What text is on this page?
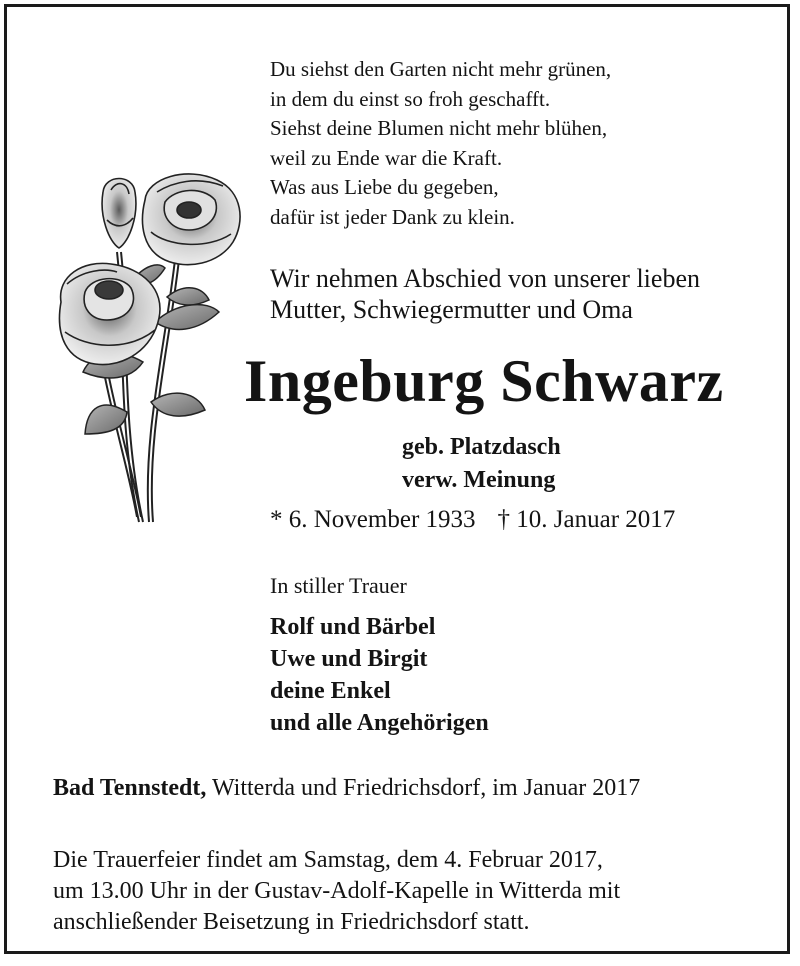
Du siehst den Garten nicht mehr grünen,
in dem du einst so froh geschafft.
Siehst deine Blumen nicht mehr blühen,
weil zu Ende war die Kraft.
Was aus Liebe du gegeben,
dafür ist jeder Dank zu klein.
Wir nehmen Abschied von unserer lieben
Mutter, Schwiegermutter und Oma
Ingeburg Schwarz
geb. Platzdasch
verw. Meinung
* 6. November 1933 † 10. Januar 2017
In stiller Trauer
Rolf und Bärbel
Uwe und Birgit
deine Enkel
und alle Angehörigen
Bad Tennstedt, Witterda und Friedrichsdorf, im Januar 2017
Die Trauerfeier findet am Samstag, dem 4. Februar 2017,
um 13.00 Uhr in der Gustav-Adolf-Kapelle in Witterda mit
anschließender Beisetzung in Friedrichsdorf statt.
